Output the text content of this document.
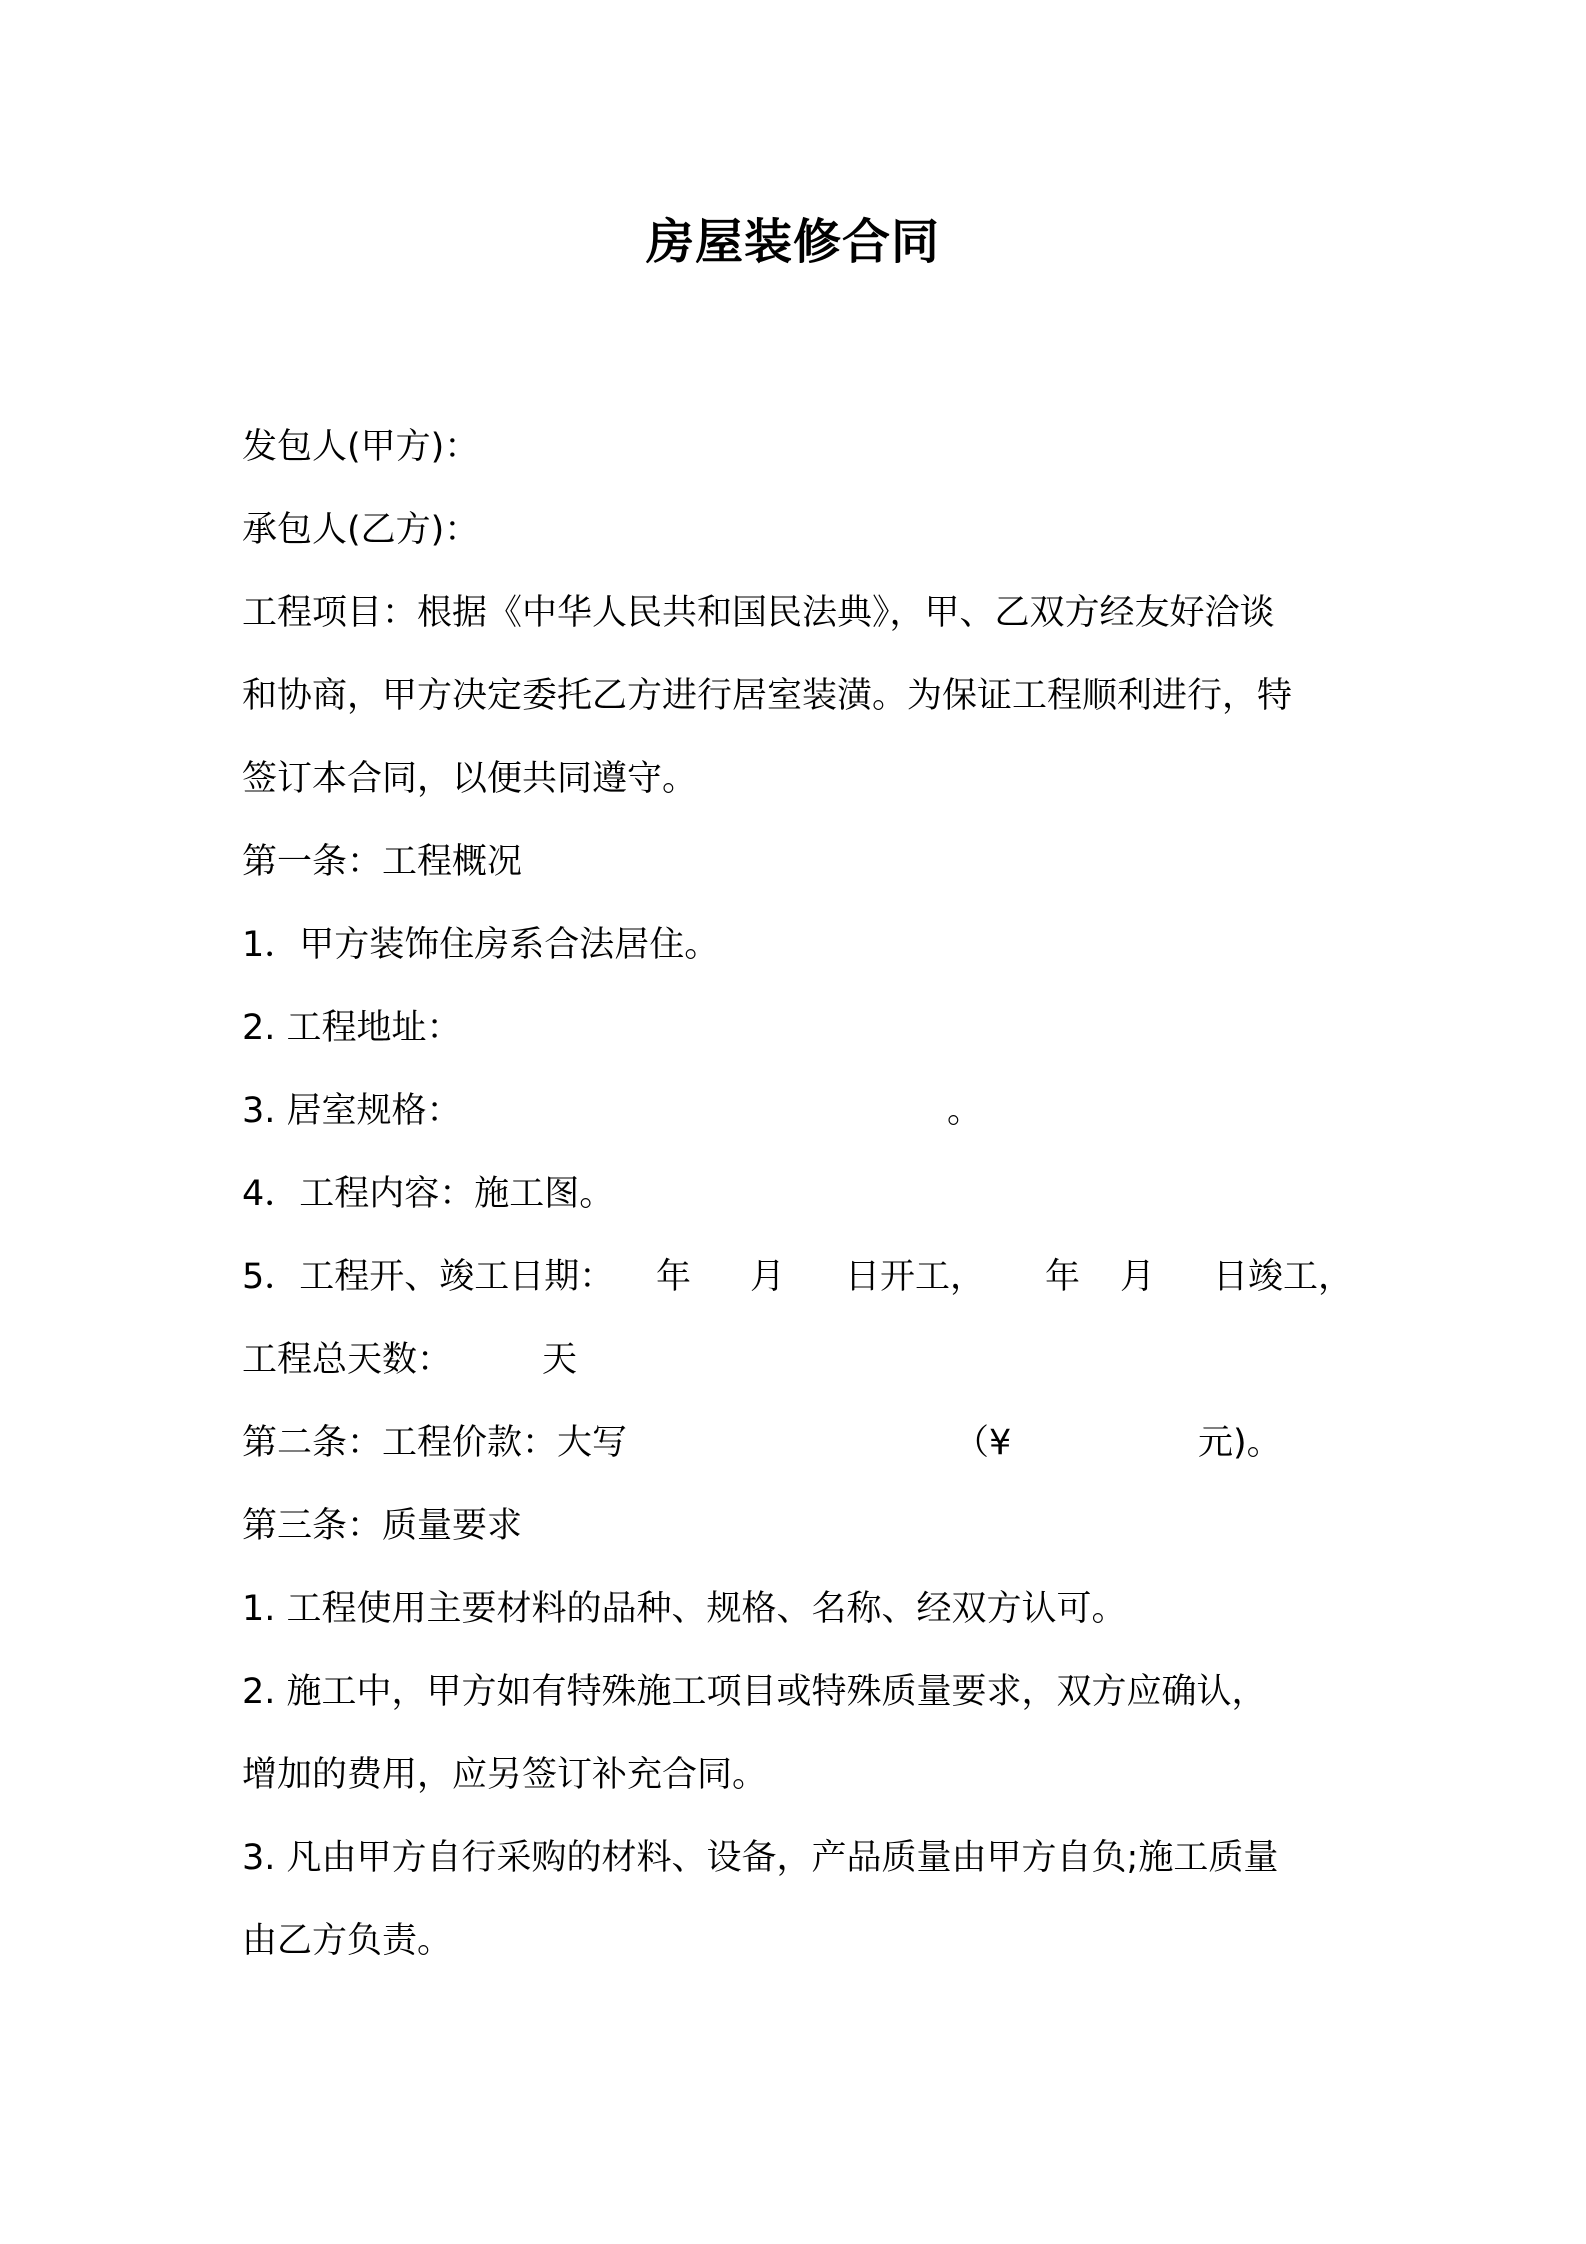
房屋装修合同
发包人(甲方)：
承包人(乙方)：
工程项目：根据《中华人民共和国民法典》，甲、乙双方经友好洽谈
和协商，甲方决定委托乙方进行居室装潢。为保证工程顺利进行，特
签订本合同，以便共同遵守。
第一条：工程概况
1．甲方装饰住房系合法居住。
2. 工程地址：
3. 居室规格：	。
4．工程内容：施工图。
5．工程开、竣工日期： 年 月 日开工， 年 月 日竣工，
工程总天数：	天
第二条：工程价款：大写	（¥	元)。
第三条：质量要求
1. 工程使用主要材料的品种、规格、名称、经双方认可。
2. 施工中，甲方如有特殊施工项目或特殊质量要求，双方应确认，
增加的费用，应另签订补充合同。
3. 凡由甲方自行采购的材料、设备，产品质量由甲方自负;施工质量
由乙方负责。
